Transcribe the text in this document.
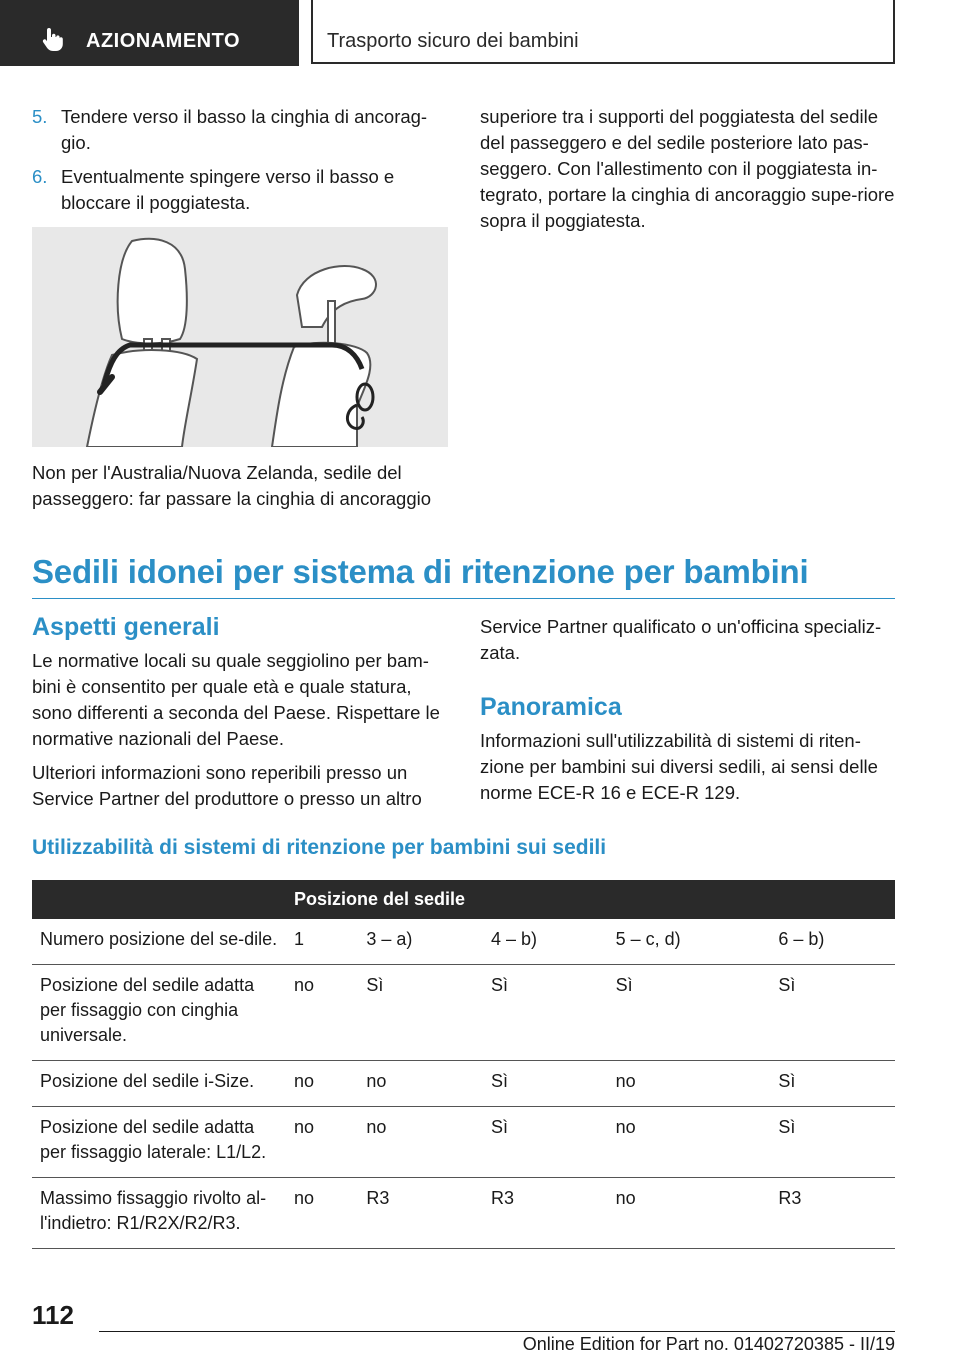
AZIONAMENTO	Trasporto sicuro dei bambini
5. Tendere verso il basso la cinghia di ancorag-gio.
6. Eventualmente spingere verso il basso e bloccare il poggiatesta.

Non per l'Australia/Nuova Zelanda, sedile del passeggero: far passare la cinghia di ancoraggio

superiore tra i supporti del poggiatesta del sedile del passeggero e del sedile posteriore lato pas-seggero. Con l'allestimento con il poggiatesta in-tegrato, portare la cinghia di ancoraggio supe-riore sopra il poggiatesta.

Sedili idonei per sistema di ritenzione per bambini
Aspetti generali

Le normative locali su quale seggiolino per bam-bini è consentito per quale età e quale statura, sono differenti a seconda del Paese. Rispettare le normative nazionali del Paese.

Ulteriori informazioni sono reperibili presso un Service Partner del produttore o presso un altro

Service Partner qualificato o un'officina specializ-zata.

Panoramica

Informazioni sull'utilizzabilità di sistemi di riten-zione per bambini sui diversi sedili, ai sensi delle norme ECE-R 16 e ECE-R 129.

Utilizzabilità di sistemi di ritenzione per bambini sui sedili
	Posizione del sedile				
Numero posizione del se-dile.	1	3 – a)	4 – b)	5 – c, d)	6 – b)
Posizione del sedile adatta per fissaggio con cinghia universale.	no	Sì	Sì	Sì	Sì
Posizione del sedile i-Size.	no	no	Sì	no	Sì
Posizione del sedile adatta per fissaggio laterale: L1/L2.	no	no	Sì	no	Sì
Massimo fissaggio rivolto al-l'indietro: R1/R2X/R2/R3.	no	R3	R3	no	R3
112
Online Edition for Part no. 01402720385 - II/19
